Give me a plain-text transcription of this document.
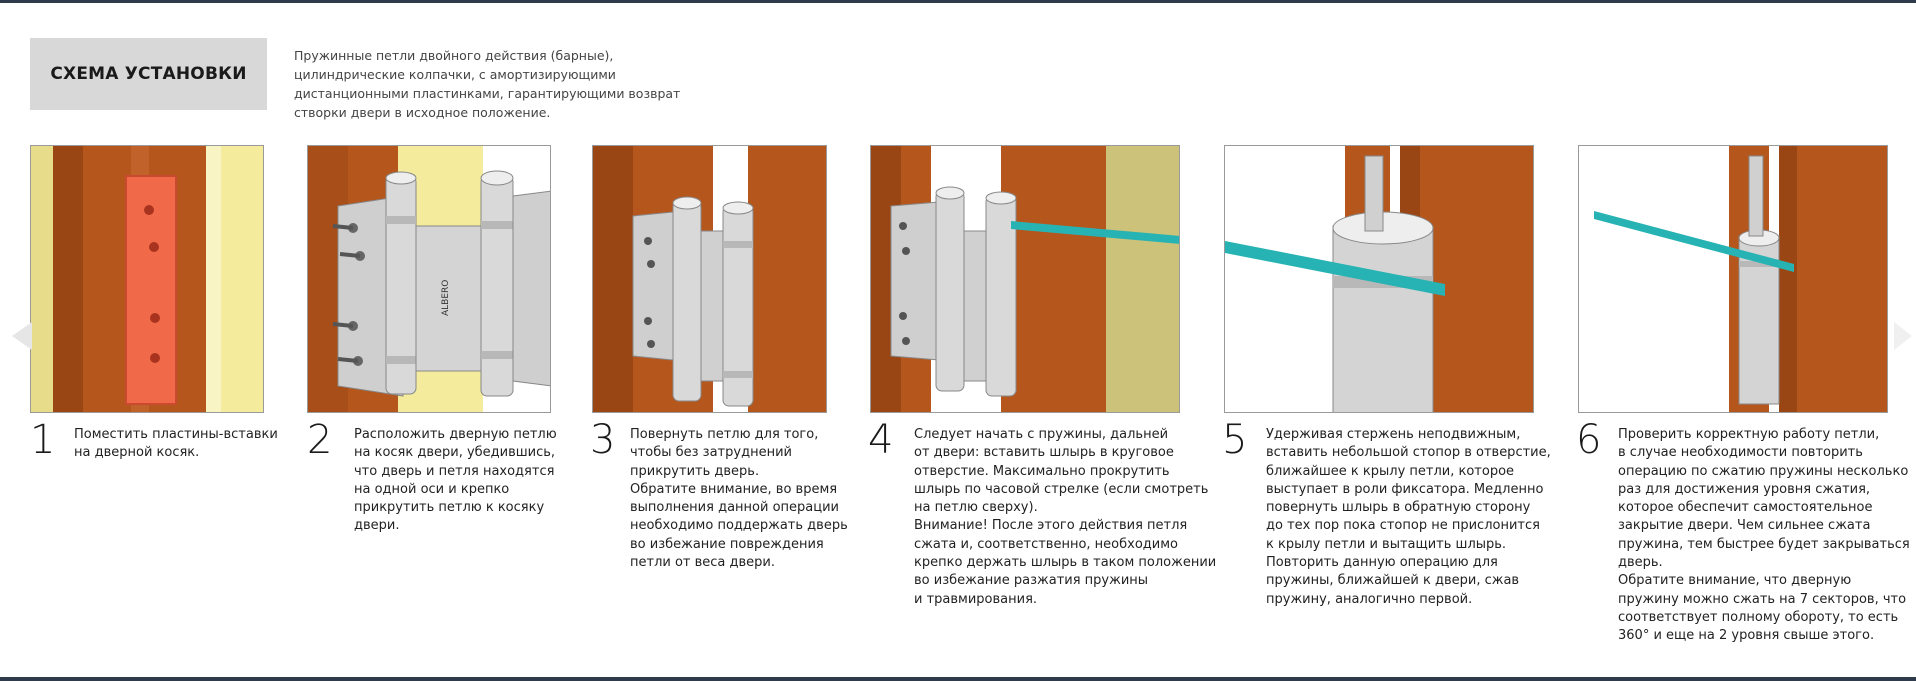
СХЕМА УСТАНОВКИ
Пружинные петли двойного действия (барные), цилиндрические колпачки, с амортизирующими дистанционными пластинками, гарантирующими возврат створки двери в исходное положение.
ALBERO
1 Поместить пластины-вставки
на дверной косяк.	2 Расположить дверную петлю
на косяк двери, убедившись,
что дверь и петля находятся
на одной оси и крепко
прикрутить петлю к косяку
двери.
3 Повернуть петлю для того,
чтобы без затруднений
прикрутить дверь.
Обратите внимание, во время
выполнения данной операции
необходимо поддержать дверь
во избежание повреждения
петли от веса двери.
4 Следует начать с пружины, дальней
от двери: вставить шлырь в круговое
отверстие. Максимально прокрутить
шлырь по часовой стрелке (если смотреть
на петлю сверху).
Внимание! После этого действия петля
сжата и, соответственно, необходимо
крепко держать шлырь в таком положении
во избежание разжатия пружины
и травмирования.
5 Удерживая стержень неподвижным,
вставить небольшой стопор в отверстие,
ближайшее к крылу петли, которое
выступает в роли фиксатора. Медленно
повернуть шлырь в обратную сторону
до тех пор пока стопор не прислонится
к крылу петли и вытащить шлырь.
Повторить данную операцию для
пружины, ближайшей к двери, сжав
пружину, аналогично первой.
6 Проверить корректную работу петли,
в случае необходимости повторить
операцию по сжатию пружины несколько
раз для достижения уровня сжатия,
которое обеспечит самостоятельное
закрытие двери. Чем сильнее сжата
пружина, тем быстрее будет закрываться
дверь.
Обратите внимание, что дверную
пружину можно сжать на 7 секторов, что
соответствует полному обороту, то есть
360° и еще на 2 уровня свыше этого.
